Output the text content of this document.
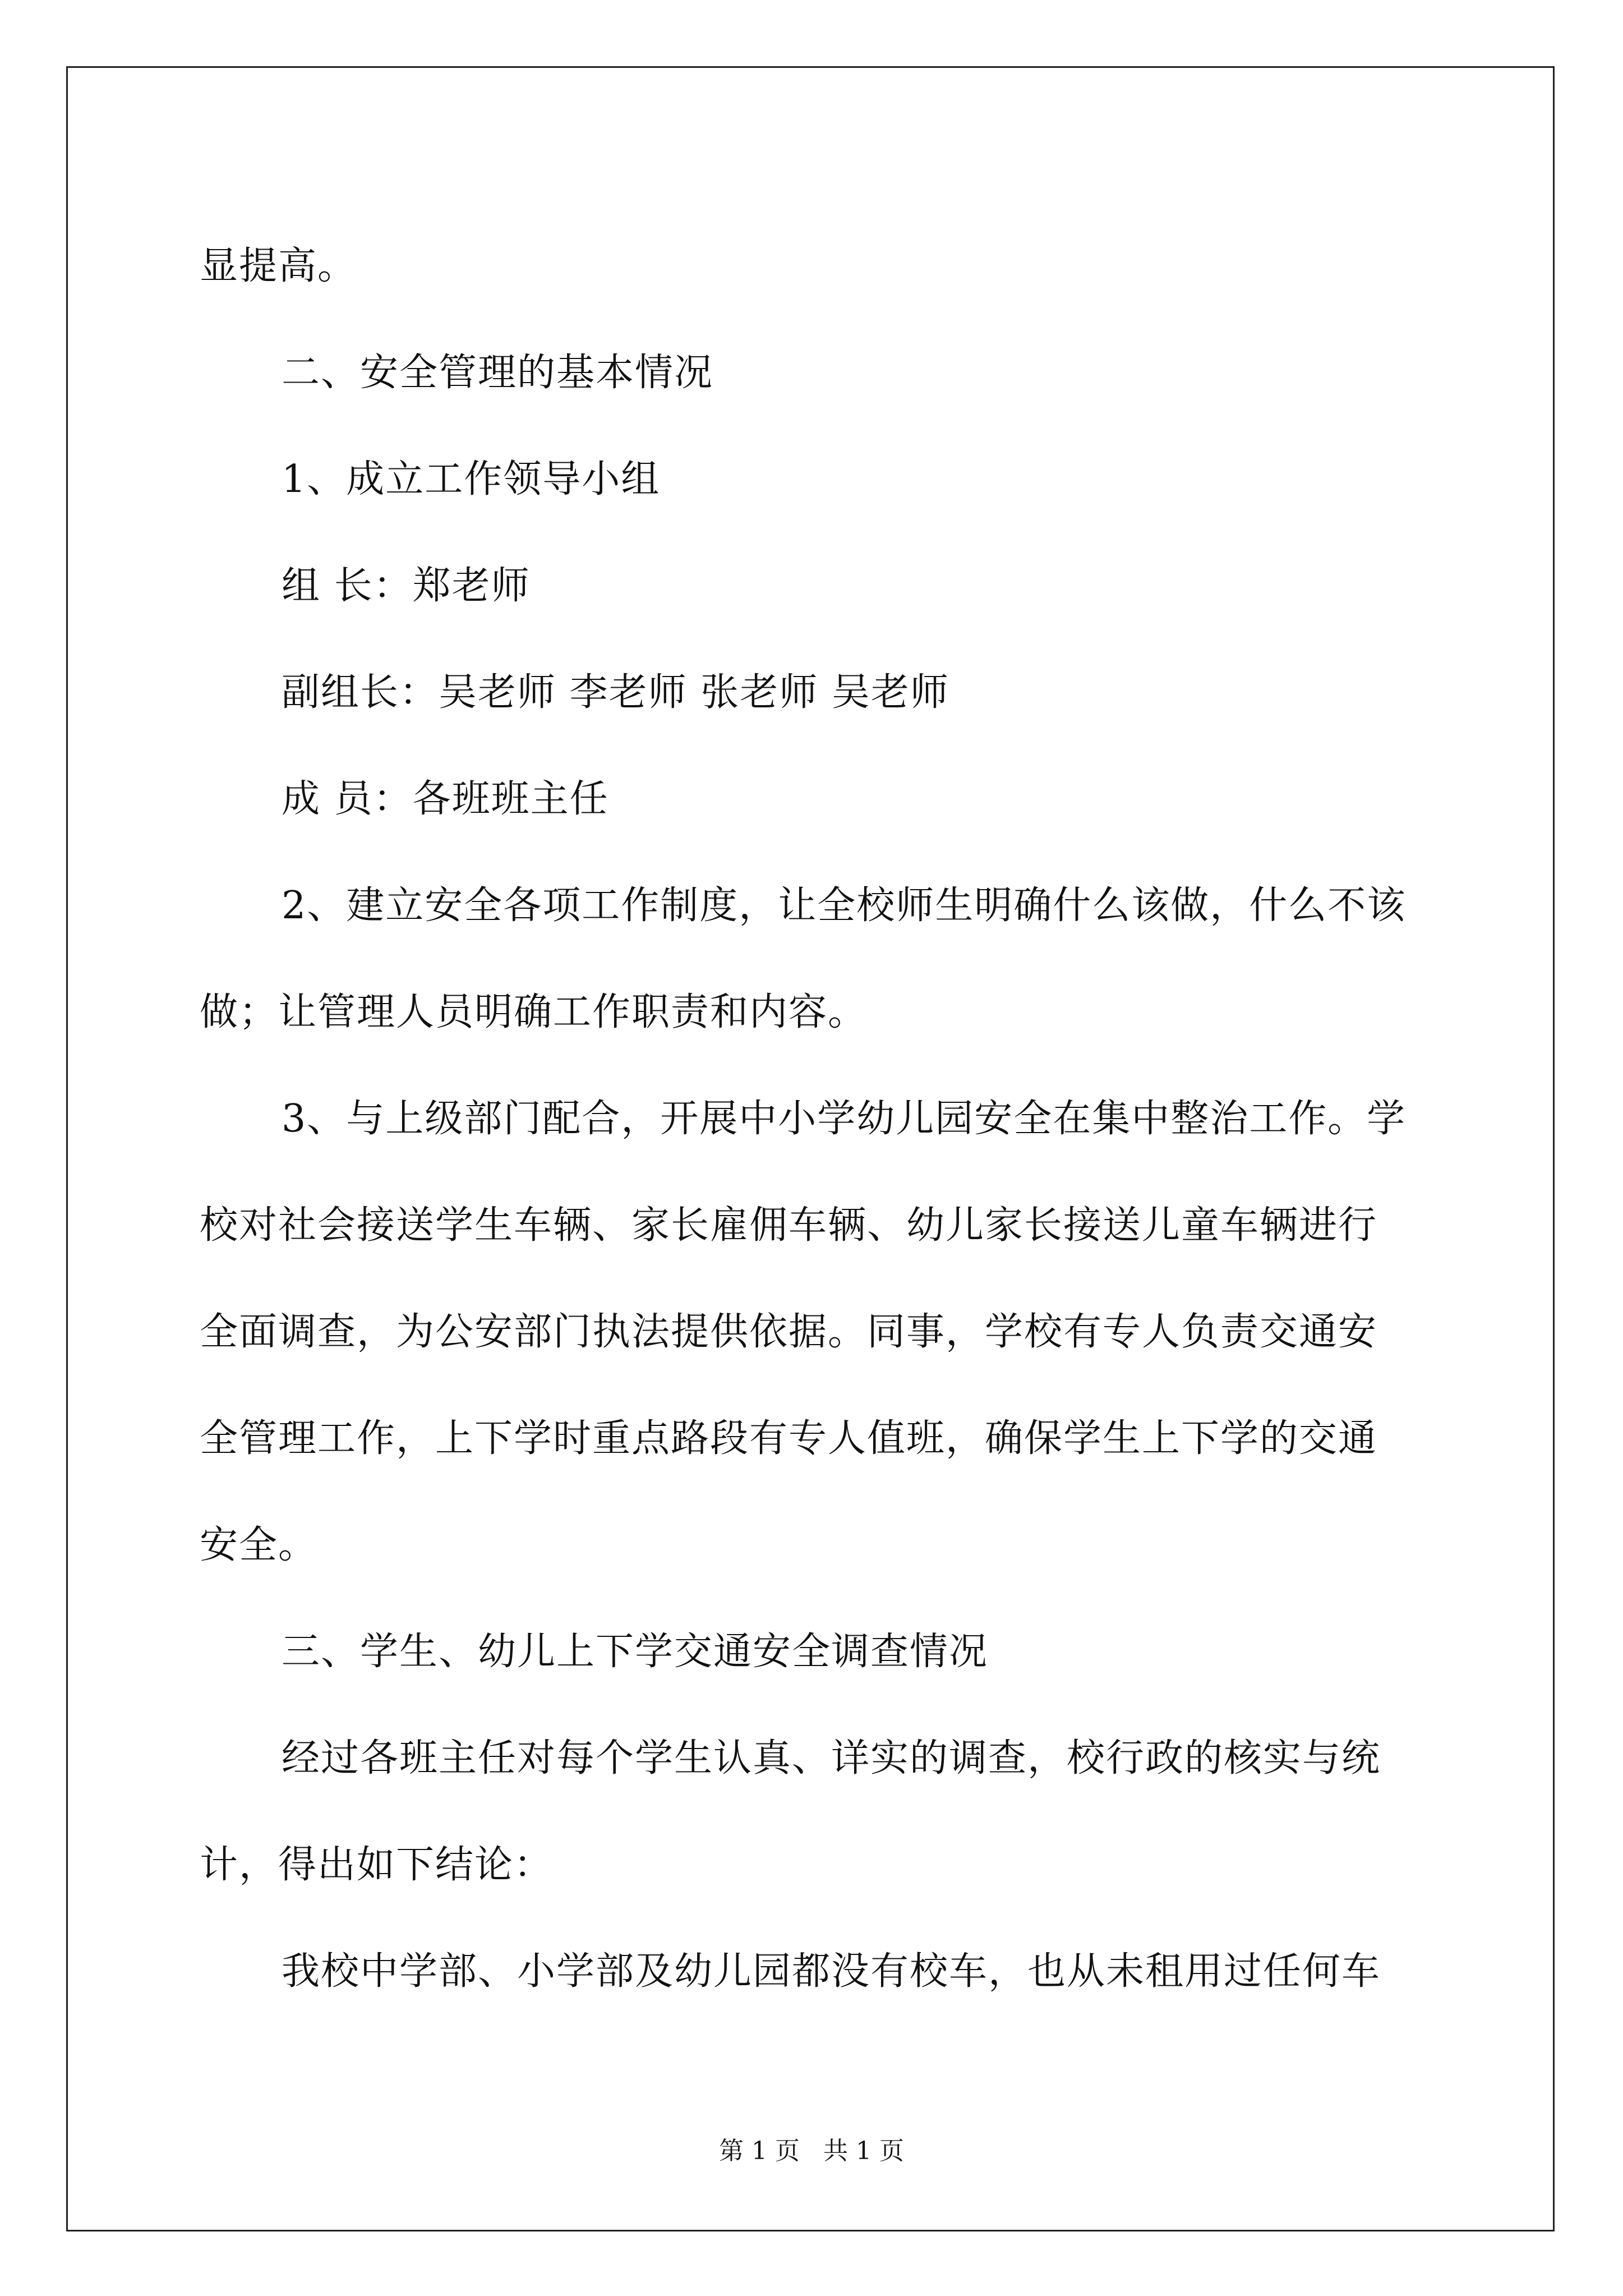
显提高。

二、安全管理的基本情况

1、成立工作领导小组

组 长：郑老师

副组长：吴老师 李老师 张老师 吴老师

成 员：各班班主任

2、建立安全各项工作制度，让全校师生明确什么该做，什么不该

做；让管理人员明确工作职责和内容。

3、与上级部门配合，开展中小学幼儿园安全在集中整治工作。学

校对社会接送学生车辆、家长雇佣车辆、幼儿家长接送儿童车辆进行

全面调查，为公安部门执法提供依据。同事，学校有专人负责交通安

全管理工作，上下学时重点路段有专人值班，确保学生上下学的交通

安全。

三、学生、幼儿上下学交通安全调查情况

经过各班主任对每个学生认真、详实的调查，校行政的核实与统

计，得出如下结论：

我校中学部、小学部及幼儿园都没有校车，也从未租用过任何车

第 1 页   共 1 页
